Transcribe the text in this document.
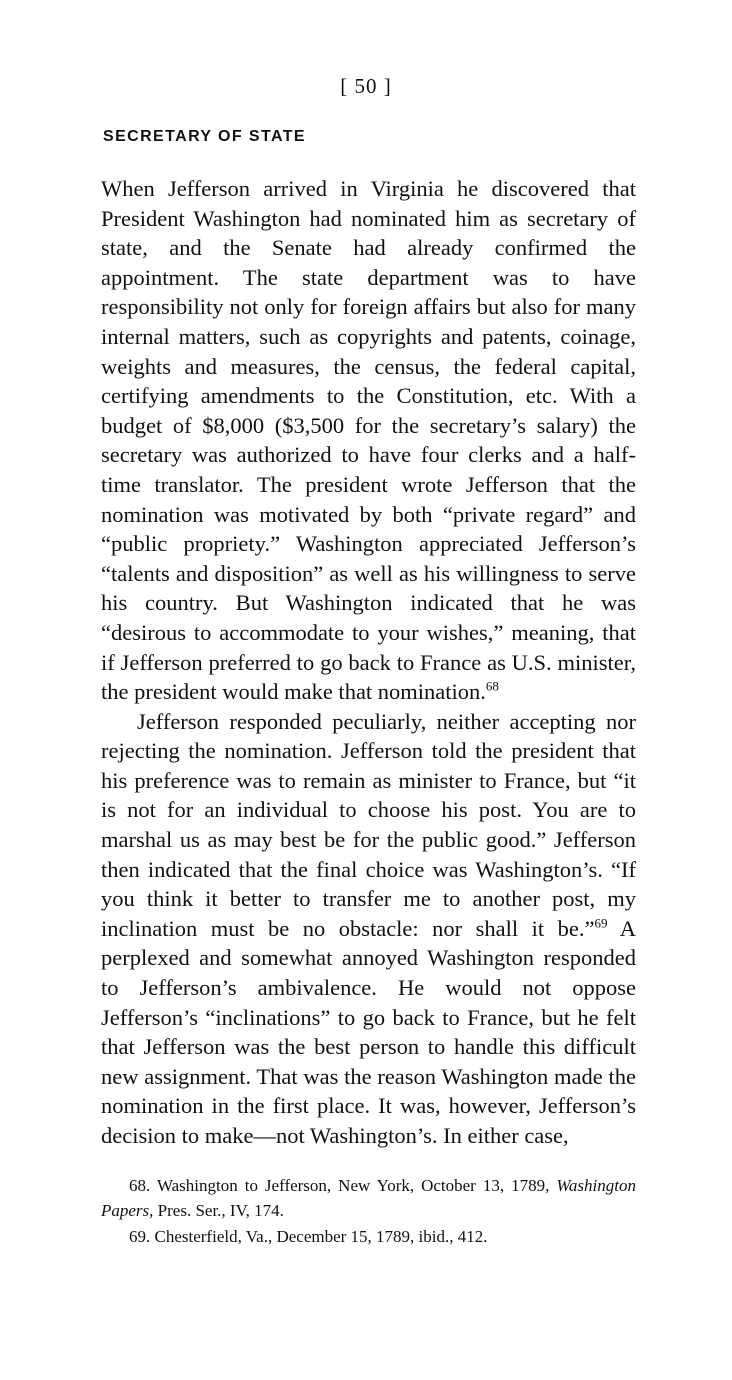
[ 50 ]
SECRETARY OF STATE

When Jefferson arrived in Virginia he discovered that President Washington had nominated him as secretary of state, and the Senate had already confirmed the appointment. The state department was to have responsibility not only for foreign affairs but also for many internal matters, such as copyrights and patents, coinage, weights and measures, the census, the federal capital, certifying amendments to the Constitution, etc. With a budget of $8,000 ($3,500 for the secretary’s salary) the secretary was authorized to have four clerks and a half-time translator. The president wrote Jefferson that the nomination was motivated by both “private regard” and “public propriety.” Washington appreciated Jefferson’s “talents and disposition” as well as his willingness to serve his country. But Washington indicated that he was “desirous to accommodate to your wishes,” meaning, that if Jefferson preferred to go back to France as U.S. minister, the president would make that nomination.$^{68}$

Jefferson responded peculiarly, neither accepting nor rejecting the nomination. Jefferson told the president that his preference was to remain as minister to France, but “it is not for an individual to choose his post. You are to marshal us as may best be for the public good.” Jefferson then indicated that the final choice was Washington’s. “If you think it better to transfer me to another post, my inclination must be no obstacle: nor shall it be.”$^{69}$ A perplexed and somewhat annoyed Washington responded to Jefferson’s ambivalence. He would not oppose Jefferson’s “inclinations” to go back to France, but he felt that Jefferson was the best person to handle this difficult new assignment. That was the reason Washington made the nomination in the first place. It was, however, Jefferson’s decision to make—not Washington’s. In either case,

68. Washington to Jefferson, New York, October 13, 1789, Washington Papers, Pres. Ser., IV, 174.

69. Chesterfield, Va., December 15, 1789, ibid., 412.
